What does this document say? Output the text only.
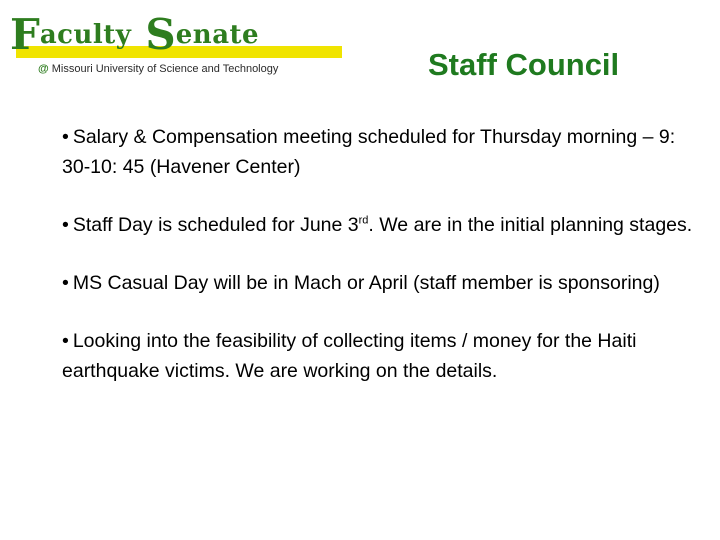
Faculty Senate
@ Missouri University of Science and Technology	Staff Council
• Salary & Compensation meeting scheduled for Thursday morning – 9: 30-10: 45 (Havener Center)
• Staff Day is scheduled for June 3rd. We are in the initial planning stages.
• MS Casual Day will be in Mach or April (staff member is sponsoring)
• Looking into the feasibility of collecting items / money for the Haiti earthquake victims. We are working on the details.
